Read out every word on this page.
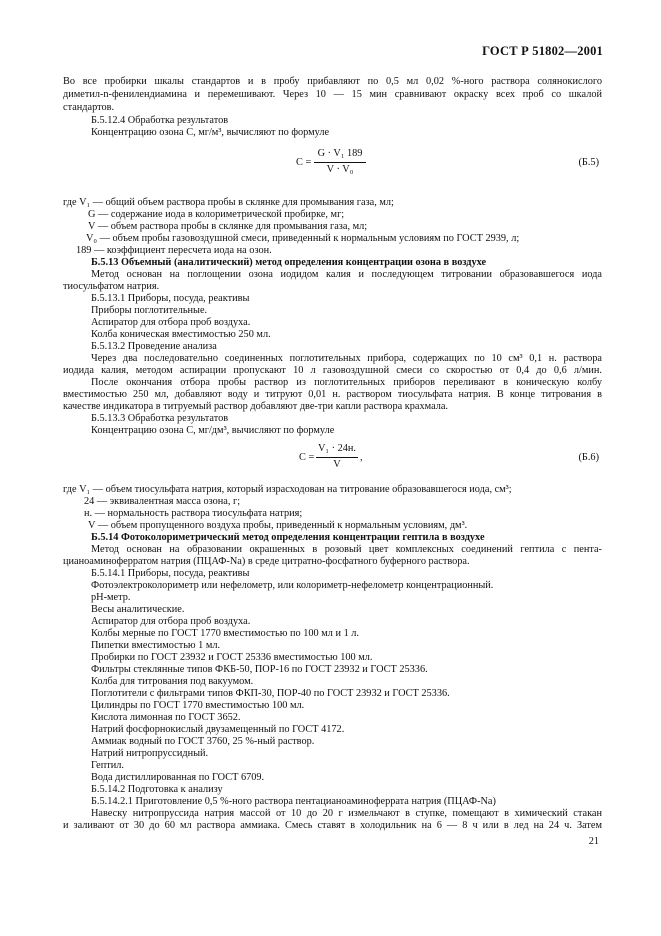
ГОСТ Р 51802—2001
Во все пробирки шкалы стандартов и в пробу прибавляют по 0,5 мл 0,02 %-ного раствора солянокислого
диметил-n-фенилендиамина и перемешивают. Через 10 — 15 мин сравнивают окраску всех проб со шкалой
стандартов.
Б.5.12.4 Обработка результатов
Концентрацию озона С, мг/м³, вычисляют по формуле
C =
G · V₁ 189
V · V₀
(Б.5)
где V₁ — общий объем раствора пробы в склянке для промывания газа, мл;
G — содержание иода в колориметрической пробирке, мг;
V — объем раствора пробы в склянке для промывания газа, мл;
V₀ — объем пробы газовоздушной смеси, приведенный к нормальным условиям по ГОСТ 2939, л;
189 — коэффициент пересчета иода на озон.
Б.5.13 Объемный (аналитический) метод определения концентрации озона в воздухе
Метод основан на поглощении озона иодидом калия и последующем титровании образовавшегося иода
тиосульфатом натрия.
Б.5.13.1 Приборы, посуда, реактивы
Приборы поглотительные.
Аспиратор для отбора проб воздуха.
Колба коническая вместимостью 250 мл.
Б.5.13.2 Проведение анализа
Через два последовательно соединенных поглотительных прибора, содержащих по 10 см³ 0,1 н. раствора
иодида калия, методом аспирации пропускают 10 л газовоздушной смеси со скоростью от 0,4 до 0,6 л/мин.
После окончания отбора пробы раствор из поглотительных приборов переливают в коническую колбу
вместимостью 250 мл, добавляют воду и титруют 0,01 н. раствором тиосульфата натрия. В конце титрования в
качестве индикатора в титруемый раствор добавляют две-три капли раствора крахмала.
Б.5.13.3 Обработка результатов
Концентрацию озона С, мг/дм³, вычисляют по формуле
C =
V₁ · 24н.
V
,	(Б.6)
где V₁ — объем тиосульфата натрия, который израсходован на титрование образовавшегося иода, см³;
24 — эквивалентная масса озона, г;
н. — нормальность раствора тиосульфата натрия;
V — объем пропущенного воздуха пробы, приведенный к нормальным условиям, дм³.
Б.5.14 Фотоколориметрический метод определения концентрации гептила в воздухе
Метод основан на образовании окрашенных в розовый цвет комплексных соединений гептила с пента-
цианоаминоферратом натрия (ПЦАФ-Na) в среде цитратно-фосфатного буферного раствора.
Б.5.14.1 Приборы, посуда, реактивы
Фотоэлектроколориметр или нефелометр, или колориметр-нефелометр концентрационный.
рН-метр.
Весы аналитические.
Аспиратор для отбора проб воздуха.
Колбы мерные по ГОСТ 1770 вместимостью по 100 мл и 1 л.
Пипетки вместимостью 1 мл.
Пробирки по ГОСТ 23932 и ГОСТ 25336 вместимостью 100 мл.
Фильтры стеклянные типов ФКБ-50, ПОР-16 по ГОСТ 23932 и ГОСТ 25336.
Колба для титрования под вакуумом.
Поглотители с фильтрами типов ФКП-30, ПОР-40 по ГОСТ 23932 и ГОСТ 25336.
Цилиндры по ГОСТ 1770 вместимостью 100 мл.
Кислота лимонная по ГОСТ 3652.
Натрий фосфорнокислый двузамещенный по ГОСТ 4172.
Аммиак водный по ГОСТ 3760, 25 %-ный раствор.
Натрий нитропруссидный.
Гептил.
Вода дистиллированная по ГОСТ 6709.
Б.5.14.2 Подготовка к анализу
Б.5.14.2.1 Приготовление 0,5 %-ного раствора пентацианоаминоферрата натрия (ПЦАФ-Na)
Навеску нитропруссида натрия массой от 10 до 20 г измельчают в ступке, помещают в химический стакан
и заливают от 30 до 60 мл раствора аммиака. Смесь ставят в холодильник на 6 — 8 ч или в лед на 24 ч. Затем
21
